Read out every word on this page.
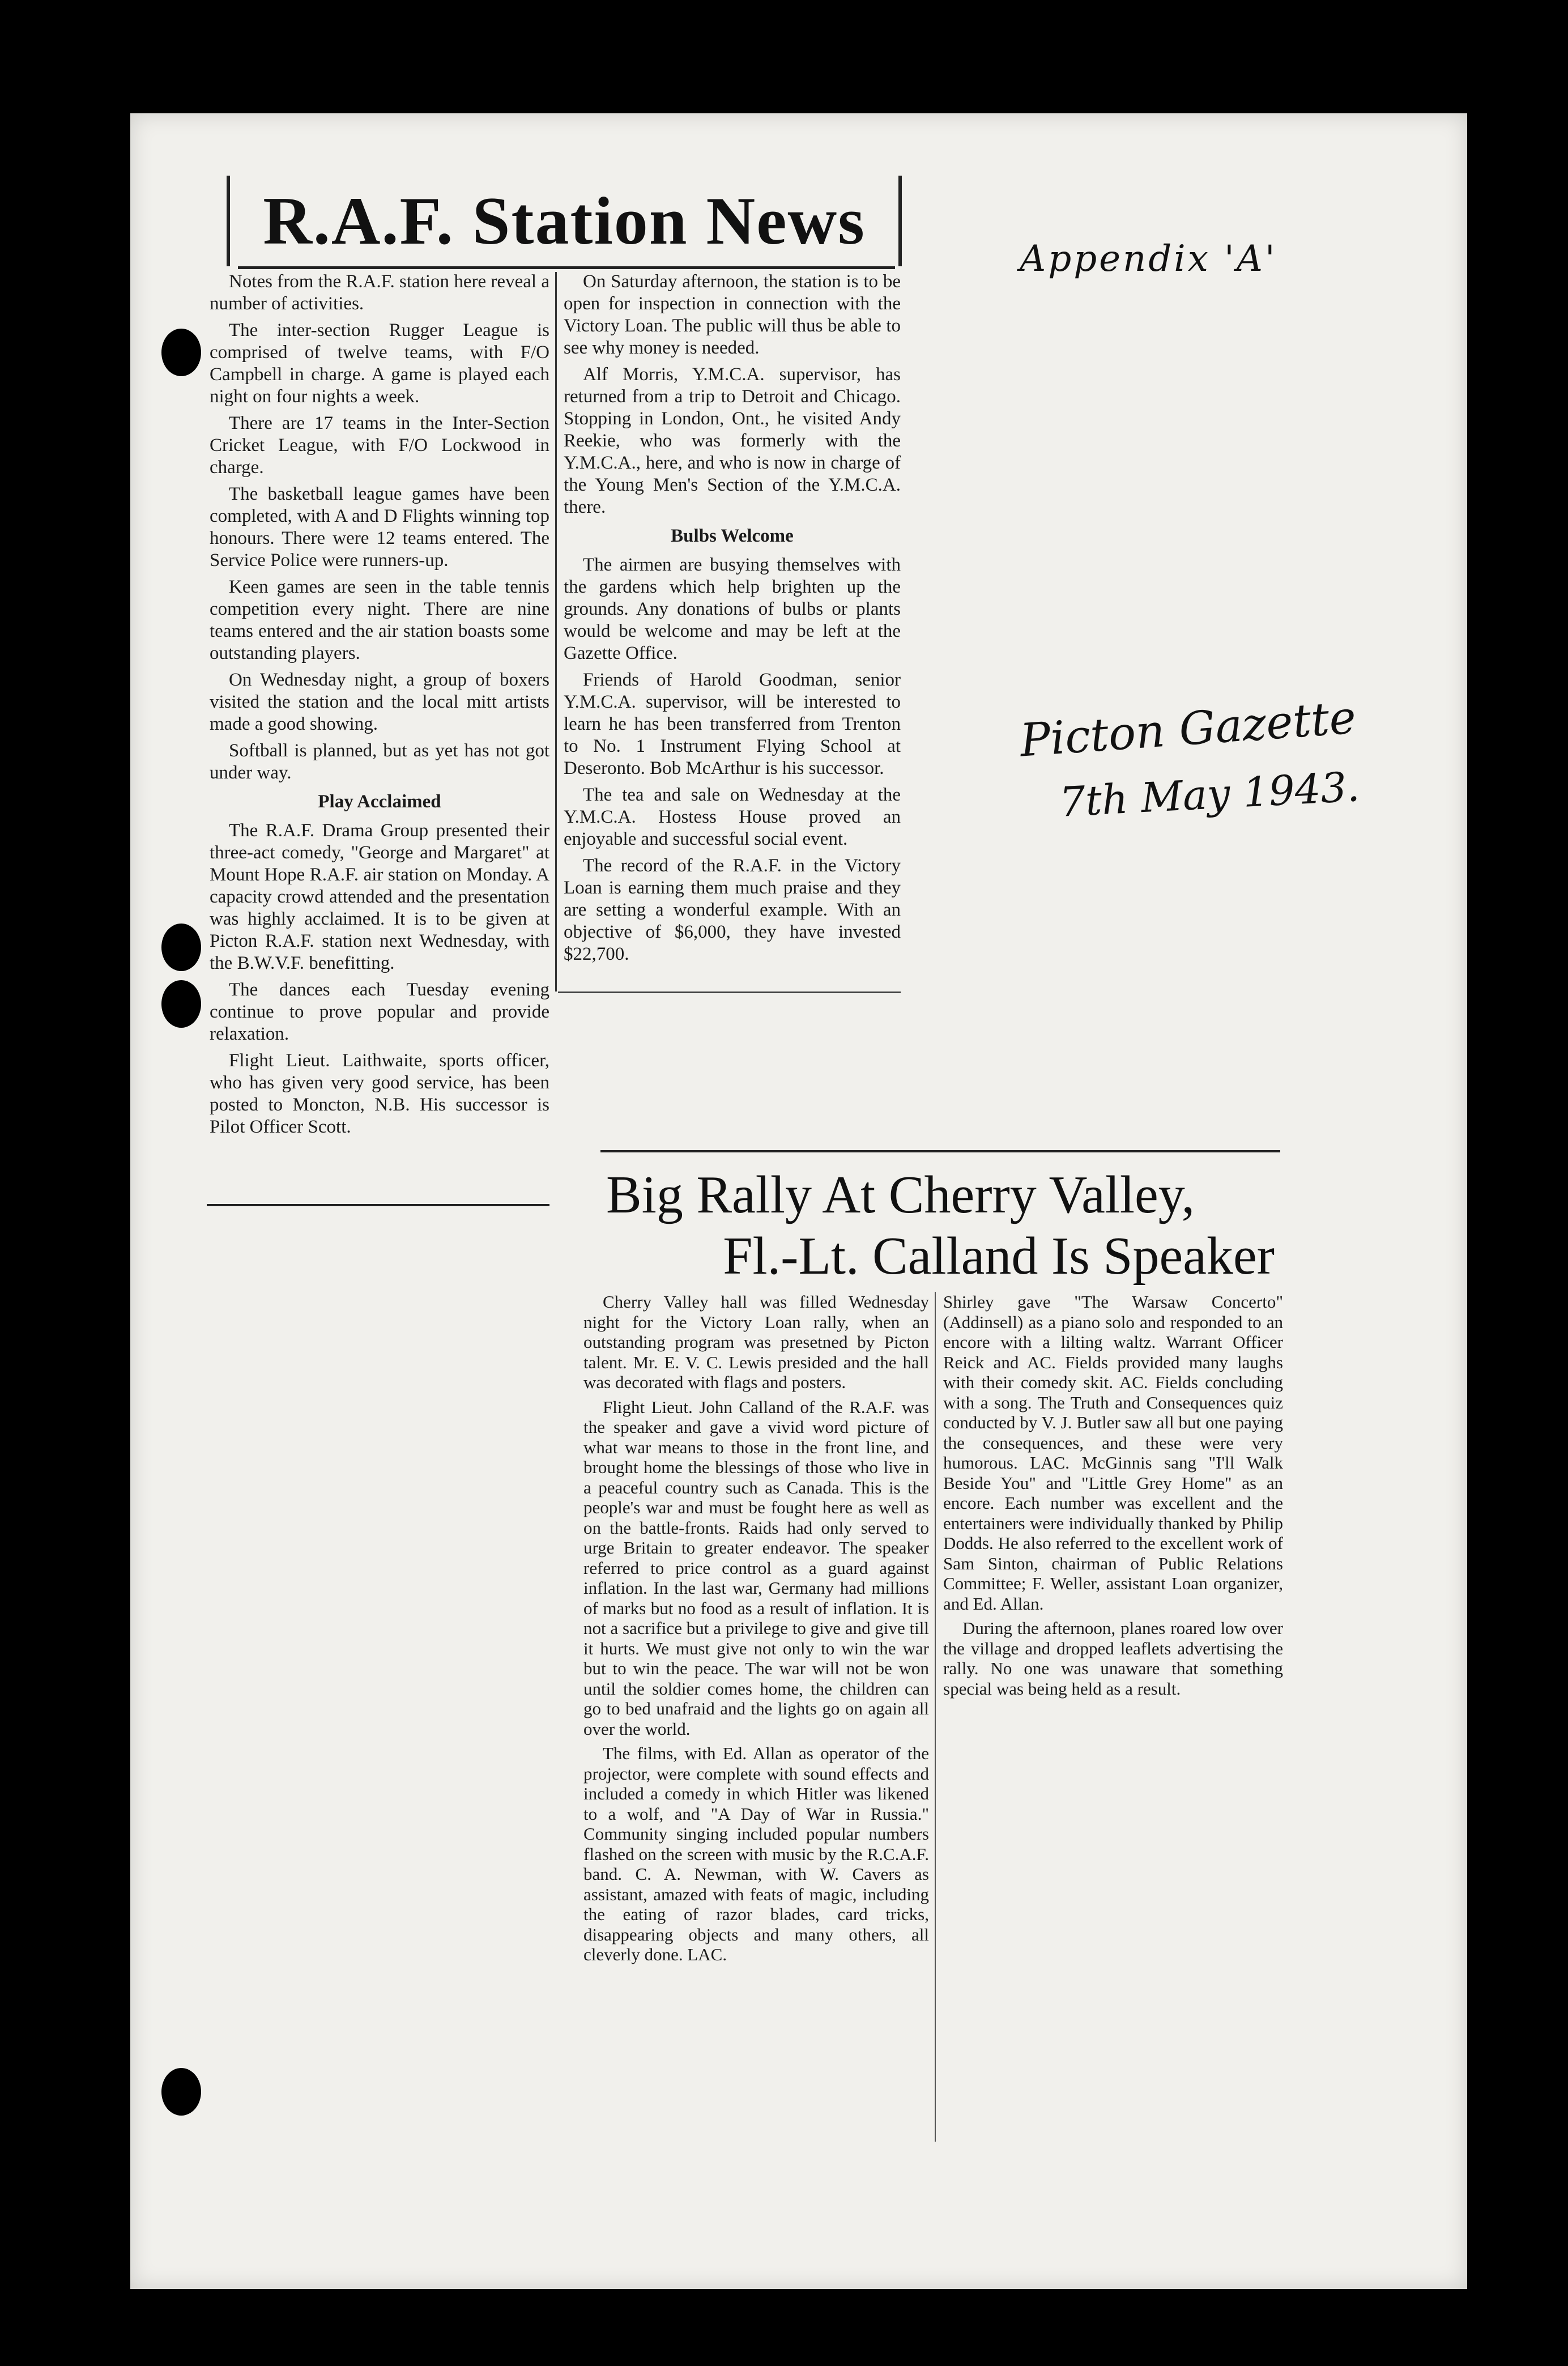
Appendix 'A'
Picton Gazette
7th May 1943.
R.A.F. Station News

Notes from the R.A.F. station here reveal a number of activities.

The inter-section Rugger League is comprised of twelve teams, with F/O Campbell in charge. A game is played each night on four nights a week.

There are 17 teams in the Inter-Section Cricket League, with F/O Lockwood in charge.

The basketball league games have been completed, with A and D Flights winning top honours. There were 12 teams entered. The Service Police were runners-up.

Keen games are seen in the table tennis competition every night. There are nine teams entered and the air station boasts some outstanding players.

On Wednesday night, a group of boxers visited the station and the local mitt artists made a good showing.

Softball is planned, but as yet has not got under way.

Play Acclaimed

The R.A.F. Drama Group presented their three-act comedy, "George and Margaret" at Mount Hope R.A.F. air station on Monday. A capacity crowd attended and the presentation was highly acclaimed. It is to be given at Picton R.A.F. station next Wednesday, with the B.W.V.F. benefitting.

The dances each Tuesday evening continue to prove popular and provide relaxation.

Flight Lieut. Laithwaite, sports officer, who has given very good service, has been posted to Moncton, N.B. His successor is Pilot Officer Scott.

On Saturday afternoon, the station is to be open for inspection in connection with the Victory Loan. The public will thus be able to see why money is needed.

Alf Morris, Y.M.C.A. supervisor, has returned from a trip to Detroit and Chicago. Stopping in London, Ont., he visited Andy Reekie, who was formerly with the Y.M.C.A., here, and who is now in charge of the Young Men's Section of the Y.M.C.A. there.

Bulbs Welcome

The airmen are busying themselves with the gardens which help brighten up the grounds. Any donations of bulbs or plants would be welcome and may be left at the Gazette Office.

Friends of Harold Goodman, senior Y.M.C.A. supervisor, will be interested to learn he has been transferred from Trenton to No. 1 Instrument Flying School at Deseronto. Bob McArthur is his successor.

The tea and sale on Wednesday at the Y.M.C.A. Hostess House proved an enjoyable and successful social event.

The record of the R.A.F. in the Victory Loan is earning them much praise and they are setting a wonderful example. With an objective of $6,000, they have invested $22,700.

Big Rally At Cherry Valley,
Fl.-Lt. Calland Is Speaker

Cherry Valley hall was filled Wednesday night for the Victory Loan rally, when an outstanding program was presetned by Picton talent. Mr. E. V. C. Lewis presided and the hall was decorated with flags and posters.

Flight Lieut. John Calland of the R.A.F. was the speaker and gave a vivid word picture of what war means to those in the front line, and brought home the blessings of those who live in a peaceful country such as Canada. This is the people's war and must be fought here as well as on the battle-fronts. Raids had only served to urge Britain to greater endeavor. The speaker referred to price control as a guard against inflation. In the last war, Germany had millions of marks but no food as a result of inflation. It is not a sacrifice but a privilege to give and give till it hurts. We must give not only to win the war but to win the peace. The war will not be won until the soldier comes home, the children can go to bed unafraid and the lights go on again all over the world.

The films, with Ed. Allan as operator of the projector, were complete with sound effects and included a comedy in which Hitler was likened to a wolf, and "A Day of War in Russia." Community singing included popular numbers flashed on the screen with music by the R.C.A.F. band. C. A. Newman, with W. Cavers as assistant, amazed with feats of magic, including the eating of razor blades, card tricks, disappearing objects and many others, all cleverly done. LAC.

Shirley gave "The Warsaw Concerto" (Addinsell) as a piano solo and responded to an encore with a lilting waltz. Warrant Officer Reick and AC. Fields provided many laughs with their comedy skit. AC. Fields concluding with a song. The Truth and Consequences quiz conducted by V. J. Butler saw all but one paying the consequences, and these were very humorous. LAC. McGinnis sang "I'll Walk Beside You" and "Little Grey Home" as an encore. Each number was excellent and the entertainers were individually thanked by Philip Dodds. He also referred to the excellent work of Sam Sinton, chairman of Public Relations Committee; F. Weller, assistant Loan organizer, and Ed. Allan.

During the afternoon, planes roared low over the village and dropped leaflets advertising the rally. No one was unaware that something special was being held as a result.
